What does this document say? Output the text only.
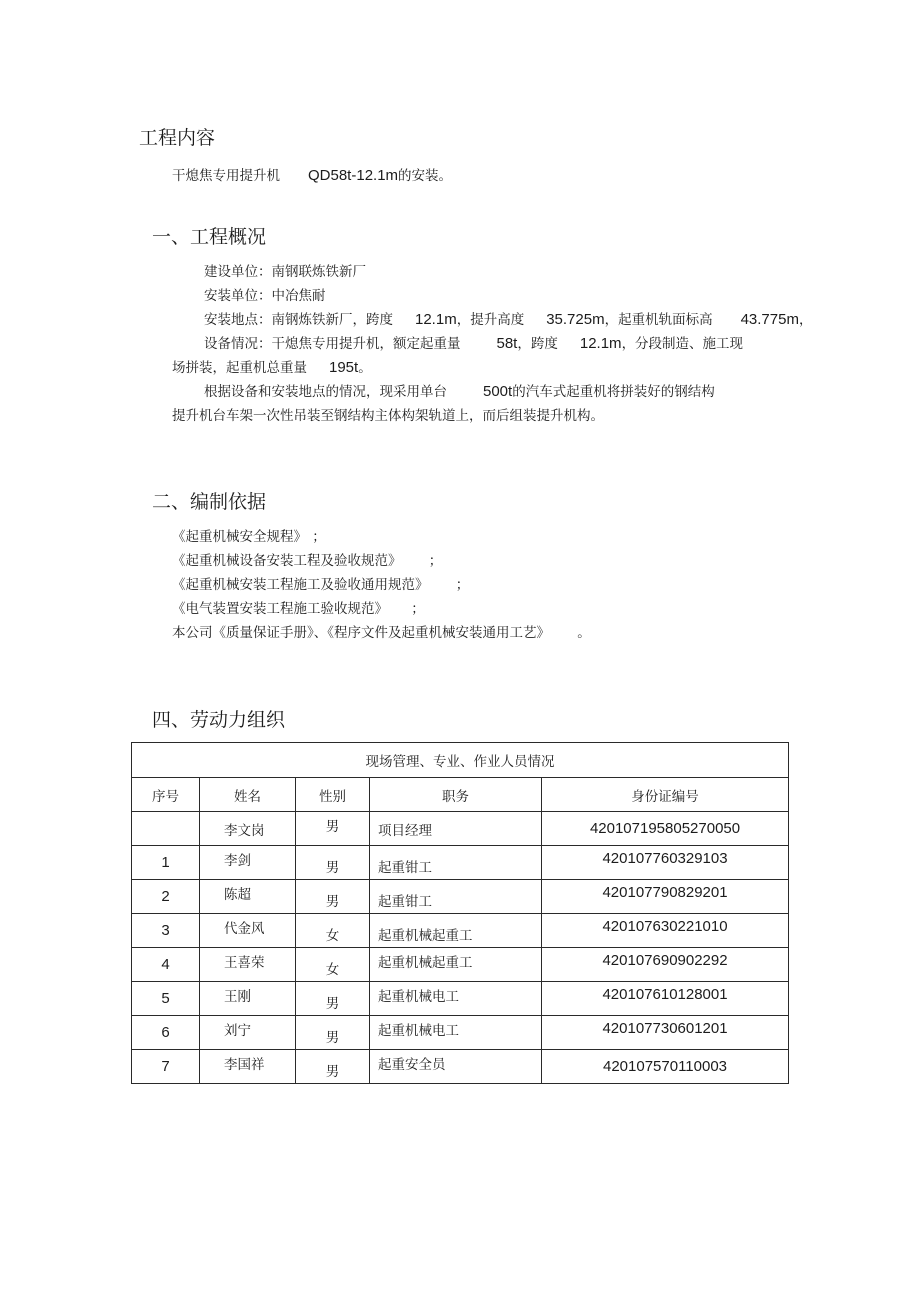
工程内容
干熄焦专用提升机 QD58t-12.1m的安装。
一、工程概况
建设单位：南钢联炼铁新厂
安装单位：中冶焦耐
安装地点：南钢炼铁新厂，跨度 12.1m，提升高度 35.725m，起重机轨面标高 43.775m，
设备情况：干熄焦专用提升机，额定起重量 58t，跨度 12.1m，分段制造、施工现
场拼装，起重机总重量 195t。
根据设备和安装地点的情况，现采用单台 500t的汽车式起重机将拼装好的钢结构
提升机台车架一次性吊装至钢结构主体构架轨道上，而后组装提升机构。
二、编制依据
《起重机械安全规程》 ；
《起重机械设备安装工程及验收规范》	；
《起重机械安装工程施工及验收通用规范》	；
《电气装置安装工程施工验收规范》 ；
本公司《质量保证手册》、《程序文件及起重机械安装通用工艺》	。
四、劳动力组织
现场管理、专业、作业人员情况				
序号	姓名	性别	职务	身份证编号
	李文岗	男	项目经理	420107195805270050
1	李剑	男	起重钳工	420107760329103
2	陈超	男	起重钳工	420107790829201
3	代金风	女	起重机械起重工	420107630221010
4	王喜荣	女	起重机械起重工	420107690902292
5	王刚	男	起重机械电工	420107610128001
6	刘宁	男	起重机械电工	420107730601201
7	李国祥	男	起重安全员	420107570110003
